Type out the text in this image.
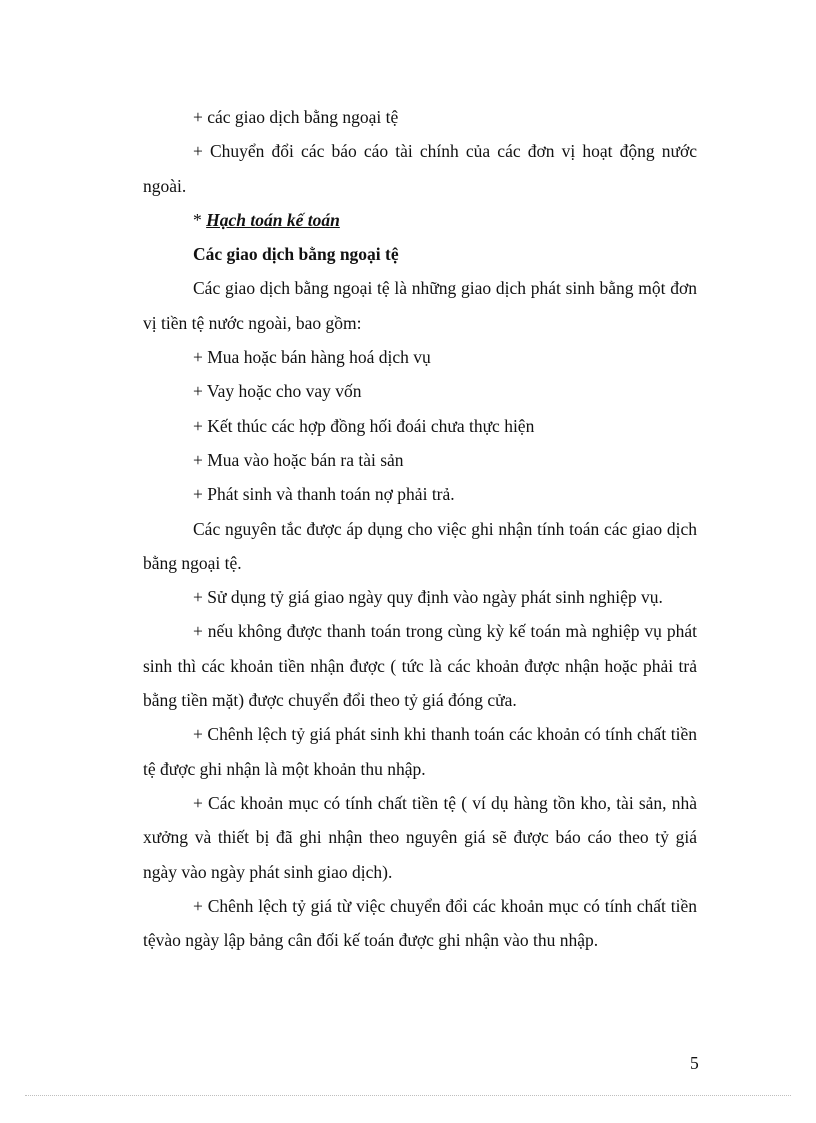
+ các giao dịch bằng ngoại tệ

+ Chuyển đổi các báo cáo tài chính của các đơn vị hoạt động nước ngoài.

* Hạch toán kế toán

Các giao dịch bằng ngoại tệ

Các giao dịch bằng ngoại tệ là những giao dịch phát sinh bằng một đơn vị tiền tệ nước ngoài, bao gồm:

+ Mua hoặc bán hàng hoá dịch vụ

+ Vay hoặc cho vay vốn

+ Kết thúc các hợp đồng hối đoái chưa thực hiện

+ Mua vào hoặc bán ra tài sản

+ Phát sinh và thanh toán nợ phải trả.

Các nguyên tắc được áp dụng cho việc ghi nhận tính toán các giao dịch bằng ngoại tệ.

+ Sử dụng tỷ giá giao ngày quy định vào ngày phát sinh nghiệp vụ.

+ nếu không được thanh toán trong cùng kỳ kế toán mà nghiệp vụ phát sinh thì các khoản tiền nhận được ( tức là các khoản được nhận hoặc phải trả bằng tiền mặt) được chuyển đổi theo tỷ giá đóng cửa.

+ Chênh lệch tỷ giá phát sinh khi thanh toán các khoản có tính chất tiền tệ được ghi nhận là một khoản thu nhập.

+ Các khoản mục có tính chất tiền tệ ( ví dụ hàng tồn kho, tài sản, nhà xưởng và thiết bị đã ghi nhận theo nguyên giá sẽ được báo cáo theo tỷ giá ngày vào ngày phát sinh giao dịch).

+ Chênh lệch tỷ giá từ việc chuyển đổi các khoản mục có tính chất tiền tệvào ngày lập bảng cân đối kế toán được ghi nhận vào thu nhập.

5
